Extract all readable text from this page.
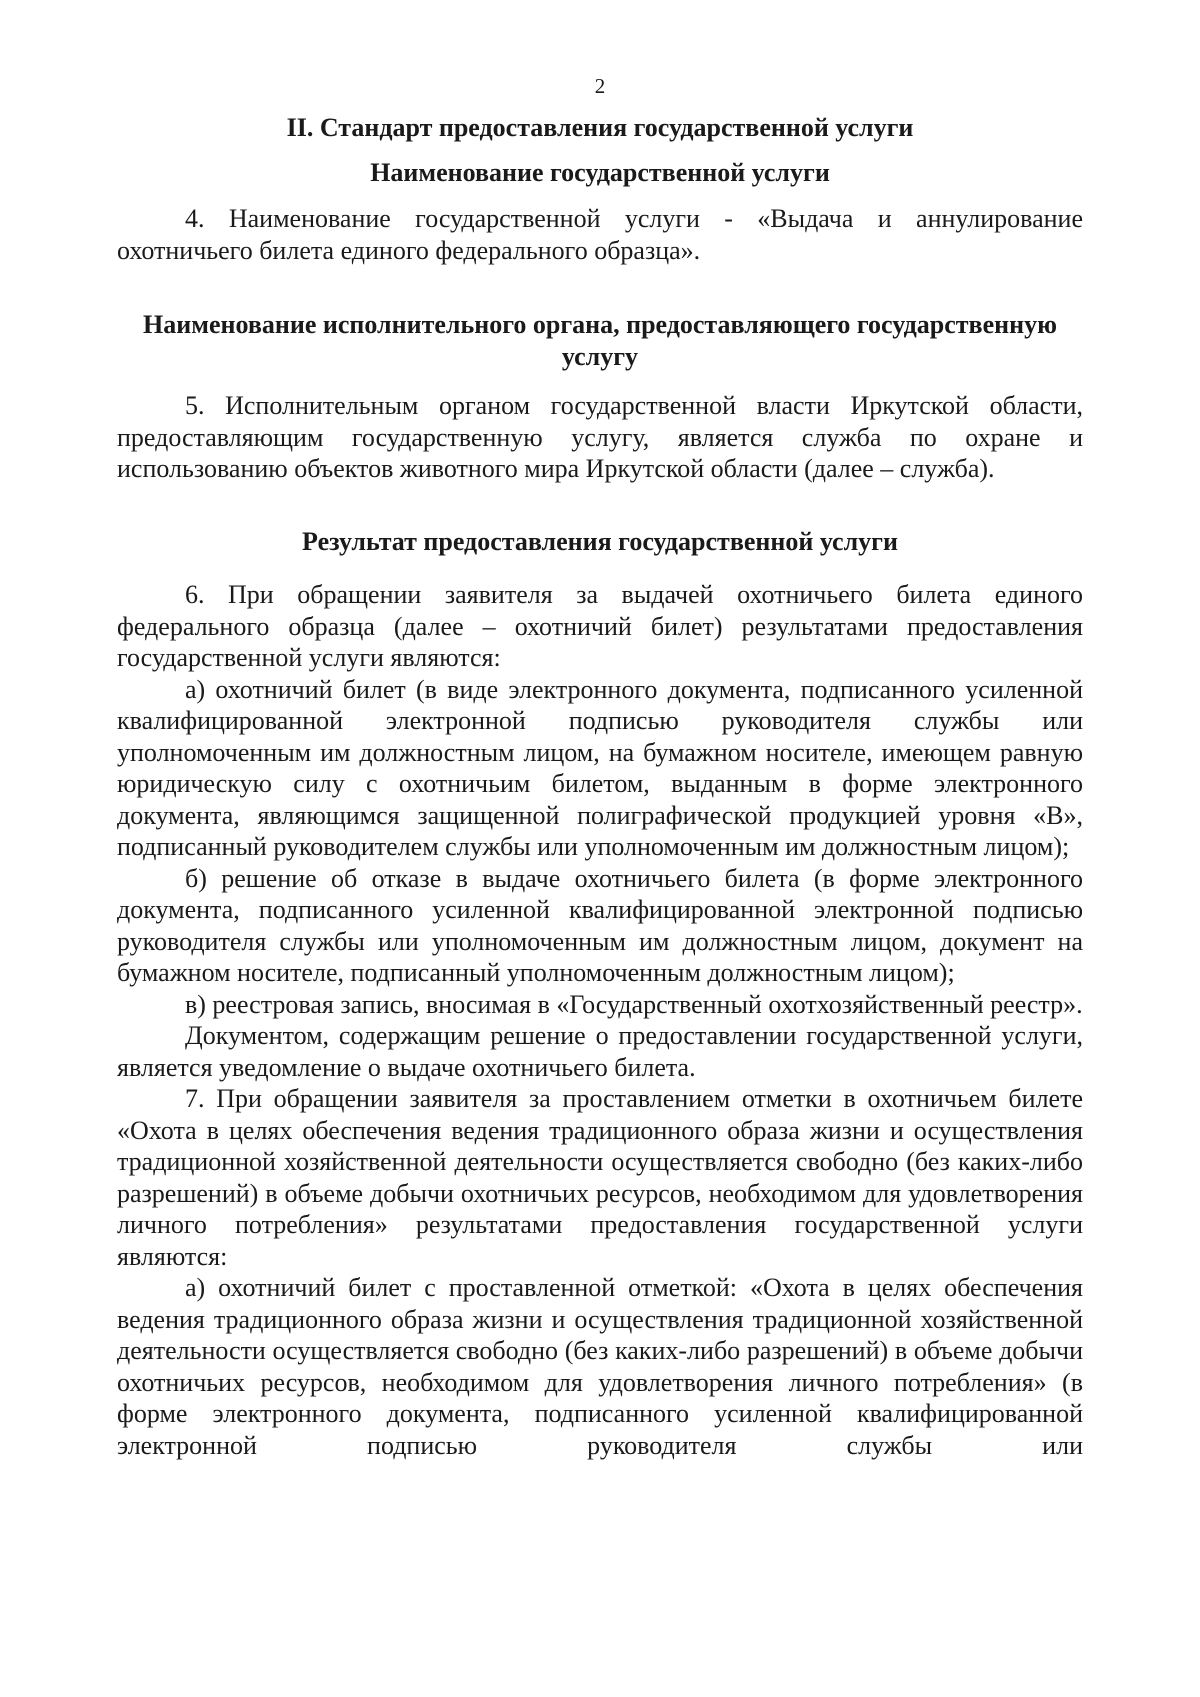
2

II. Стандарт предоставления государственной услуги

Наименование государственной услуги

4. Наименование государственной услуги - «Выдача и аннулирование охотничьего билета единого федерального образца».

Наименование исполнительного органа, предоставляющего государственную

услугу

5. Исполнительным органом государственной власти Иркутской области, предоставляющим государственную услугу, является служба по охране и использованию объектов животного мира Иркутской области (далее – служба).

Результат предоставления государственной услуги

6. При обращении заявителя за выдачей охотничьего билета единого федерального образца (далее – охотничий билет) результатами предоставления государственной услуги являются:

а) охотничий билет (в виде электронного документа, подписанного усиленной квалифицированной электронной подписью руководителя службы или уполномоченным им должностным лицом, на бумажном носителе, имеющем равную юридическую силу с охотничьим билетом, выданным в форме электронного документа, являющимся защищенной полиграфической продукцией уровня «В», подписанный руководителем службы или уполномоченным им должностным лицом);

б) решение об отказе в выдаче охотничьего билета (в форме электронного документа, подписанного усиленной квалифицированной электронной подписью руководителя службы или уполномоченным им должностным лицом, документ на бумажном носителе, подписанный уполномоченным должностным лицом);

в) реестровая запись, вносимая в «Государственный охотхозяйственный реестр».

Документом, содержащим решение о предоставлении государственной услуги, является уведомление о выдаче охотничьего билета.

7. При обращении заявителя за проставлением отметки в охотничьем билете «Охота в целях обеспечения ведения традиционного образа жизни и осуществления традиционной хозяйственной деятельности осуществляется свободно (без каких-либо разрешений) в объеме добычи охотничьих ресурсов, необходимом для удовлетворения личного потребления» результатами предоставления государственной услуги являются:

а) охотничий билет с проставленной отметкой: «Охота в целях обеспечения ведения традиционного образа жизни и осуществления традиционной хозяйственной деятельности осуществляется свободно (без каких-либо разрешений) в объеме добычи охотничьих ресурсов, необходимом для удовлетворения личного потребления» (в форме электронного документа, подписанного усиленной квалифицированной электронной подписью руководителя службы или
